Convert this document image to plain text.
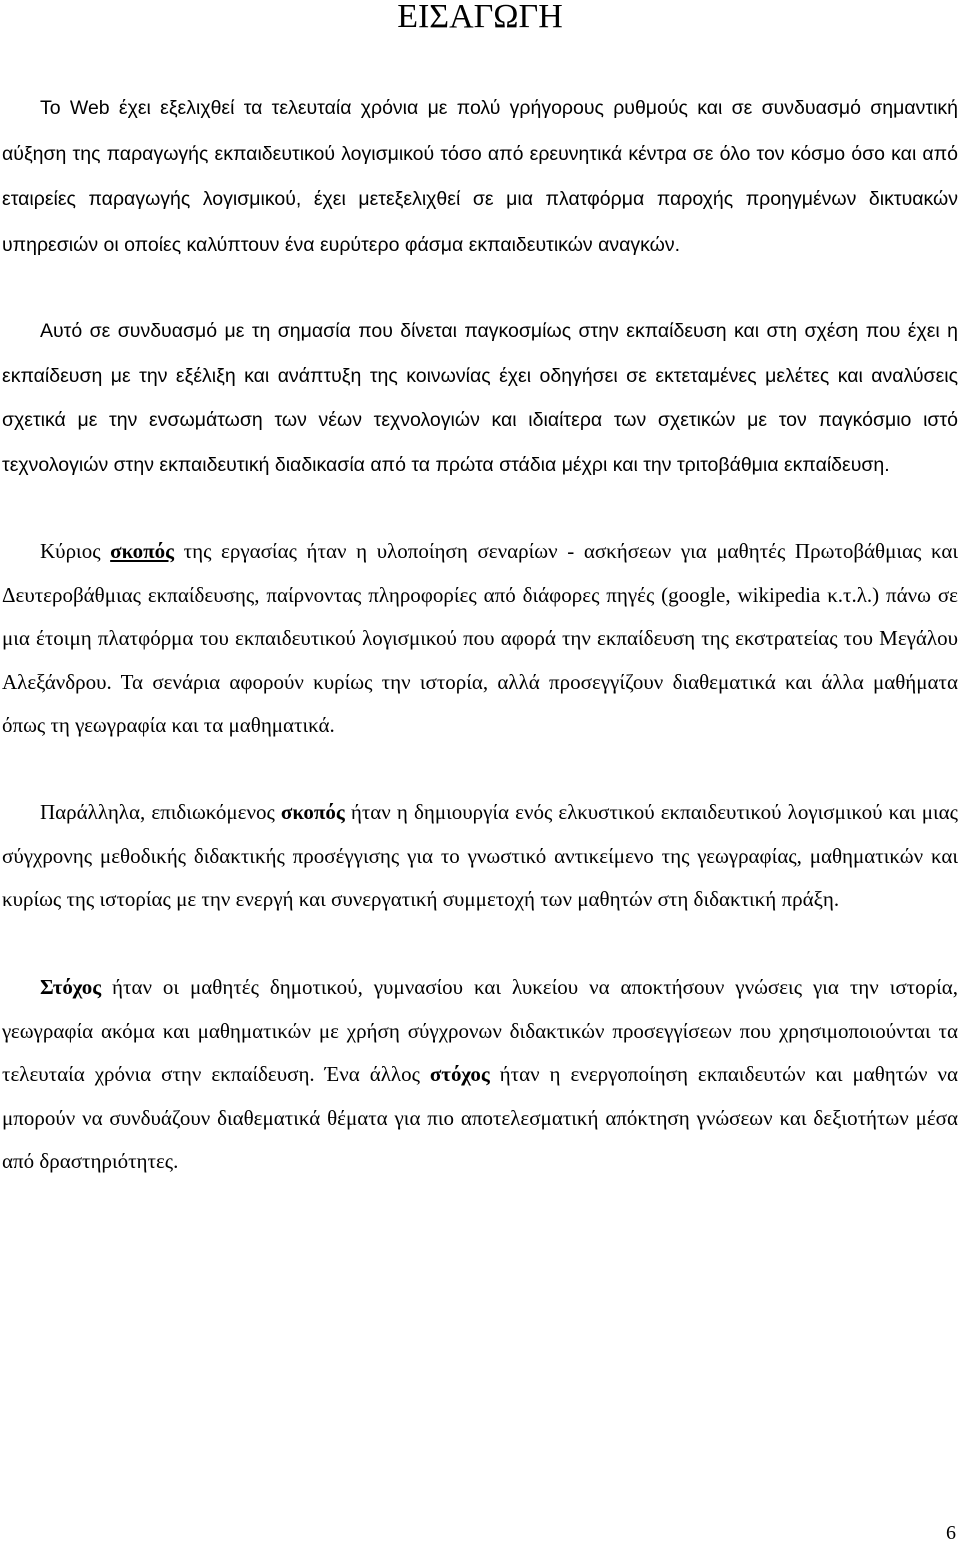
ΕΙΣΑΓΩΓΗ

Το Web έχει εξελιχθεί τα τελευταία χρόνια με πολύ γρήγορους ρυθμούς και σε συνδυασμό σημαντική αύξηση της παραγωγής εκπαιδευτικού λογισμικού τόσο από ερευνητικά κέντρα σε όλο τον κόσμο όσο και από εταιρείες παραγωγής λογισμικού, έχει μετεξελιχθεί σε μια πλατφόρμα παροχής προηγμένων δικτυακών υπηρεσιών οι οποίες καλύπτουν ένα ευρύτερο φάσμα εκπαιδευτικών αναγκών.

Αυτό σε συνδυασμό με τη σημασία που δίνεται παγκοσμίως στην εκπαίδευση και στη σχέση που έχει η εκπαίδευση με την εξέλιξη και ανάπτυξη της κοινωνίας έχει οδηγήσει σε εκτεταμένες μελέτες και αναλύσεις σχετικά με την ενσωμάτωση των νέων τεχνολογιών και ιδιαίτερα των σχετικών με τον παγκόσμιο ιστό τεχνολογιών στην εκπαιδευτική διαδικασία από τα πρώτα στάδια μέχρι και την τριτοβάθμια εκπαίδευση.

Κύριος σκοπός της εργασίας ήταν η υλοποίηση σεναρίων - ασκήσεων για μαθητές Πρωτοβάθμιας και Δευτεροβάθμιας εκπαίδευσης, παίρνοντας πληροφορίες από διάφορες πηγές (google, wikipedia κ.τ.λ.) πάνω σε μια έτοιμη πλατφόρμα του εκπαιδευτικού λογισμικού που αφορά την εκπαίδευση της εκστρατείας του Μεγάλου Αλεξάνδρου. Τα σενάρια αφορούν κυρίως την ιστορία, αλλά προσεγγίζουν διαθεματικά και άλλα μαθήματα όπως τη γεωγραφία και τα μαθηματικά.

Παράλληλα, επιδιωκόμενος σκοπός ήταν η δημιουργία ενός ελκυστικού εκπαιδευτικού λογισμικού και μιας σύγχρονης μεθοδικής διδακτικής προσέγγισης για το γνωστικό αντικείμενο της γεωγραφίας, μαθηματικών και κυρίως της ιστορίας με την ενεργή και συνεργατική συμμετοχή των μαθητών στη διδακτική πράξη.

Στόχος ήταν οι μαθητές δημοτικού, γυμνασίου και λυκείου να αποκτήσουν γνώσεις για την ιστορία, γεωγραφία ακόμα και μαθηματικών με χρήση σύγχρονων διδακτικών προσεγγίσεων που χρησιμοποιούνται τα τελευταία χρόνια στην εκπαίδευση. Ένα άλλος στόχος ήταν η ενεργοποίηση εκπαιδευτών και μαθητών να μπορούν να συνδυάζουν διαθεματικά θέματα για πιο αποτελεσματική απόκτηση γνώσεων και δεξιοτήτων μέσα από δραστηριότητες.

6
